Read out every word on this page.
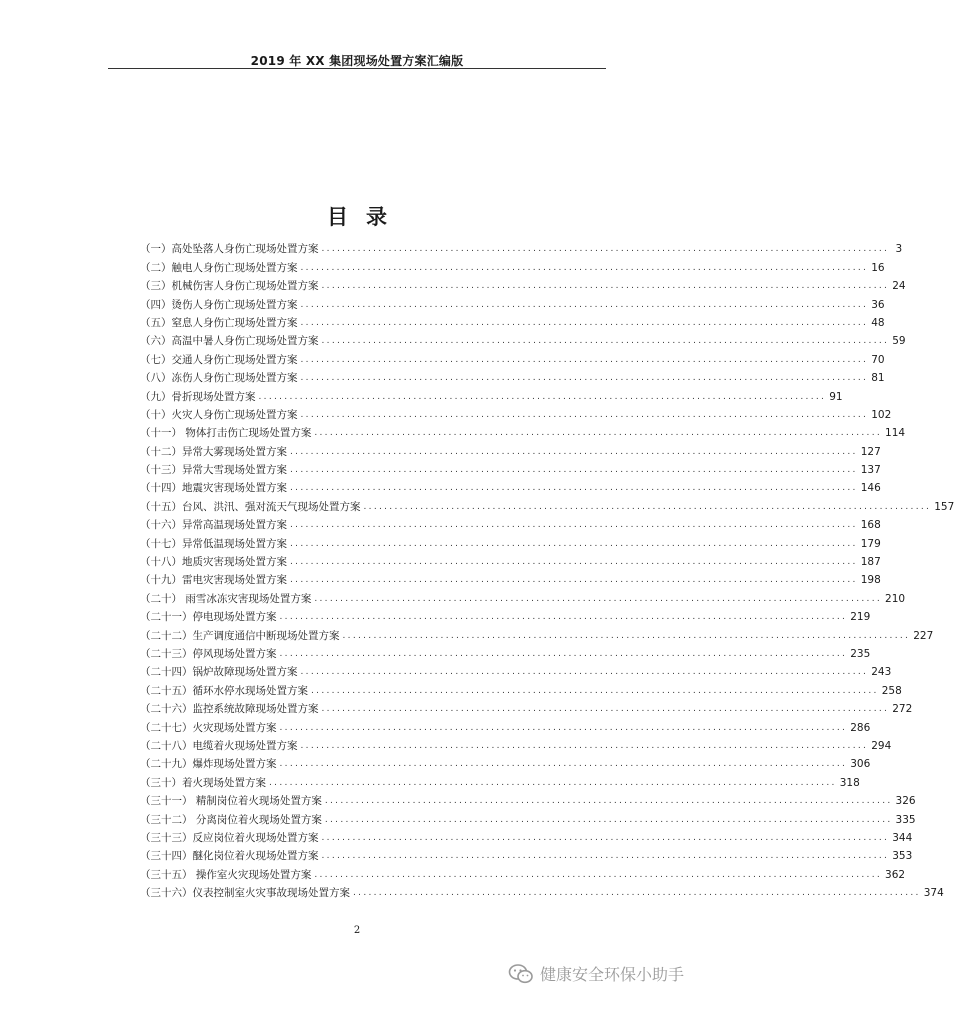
2019 年 XX 集团现场处置方案汇编版
目录
（一）高处坠落人身伤亡现场处置方案 .............................................................................................................. 3
（二）触电人身伤亡现场处置方案 .............................................................................................................. 16
（三）机械伤害人身伤亡现场处置方案 .............................................................................................................. 24
（四）烫伤人身伤亡现场处置方案 .............................................................................................................. 36
（五）窒息人身伤亡现场处置方案 .............................................................................................................. 48
（六）高温中暑人身伤亡现场处置方案 .............................................................................................................. 59
（七）交通人身伤亡现场处置方案 .............................................................................................................. 70
（八）冻伤人身伤亡现场处置方案 .............................................................................................................. 81
（九）骨折现场处置方案 .............................................................................................................. 91
（十）火灾人身伤亡现场处置方案 .............................................................................................................. 102
（十一） 物体打击伤亡现场处置方案 .............................................................................................................. 114
（十二）异常大雾现场处置方案 .............................................................................................................. 127
（十三）异常大雪现场处置方案 .............................................................................................................. 137
（十四）地震灾害现场处置方案 .............................................................................................................. 146
（十五）台风、洪汛、强对流天气现场处置方案 .............................................................................................................. 157
（十六）异常高温现场处置方案 .............................................................................................................. 168
（十七）异常低温现场处置方案 .............................................................................................................. 179
（十八）地质灾害现场处置方案 .............................................................................................................. 187
（十九）雷电灾害现场处置方案 .............................................................................................................. 198
（二十） 雨雪冰冻灾害现场处置方案 .............................................................................................................. 210
（二十一）停电现场处置方案 .............................................................................................................. 219
（二十二）生产调度通信中断现场处置方案 .............................................................................................................. 227
（二十三）停风现场处置方案 .............................................................................................................. 235
（二十四）锅炉故障现场处置方案 .............................................................................................................. 243
（二十五）循环水停水现场处置方案 .............................................................................................................. 258
（二十六）监控系统故障现场处置方案 .............................................................................................................. 272
（二十七）火灾现场处置方案 .............................................................................................................. 286
（二十八）电缆着火现场处置方案 .............................................................................................................. 294
（二十九）爆炸现场处置方案 .............................................................................................................. 306
（三十）着火现场处置方案 .............................................................................................................. 318
（三十一） 精制岗位着火现场处置方案 .............................................................................................................. 326
（三十二） 分离岗位着火现场处置方案 .............................................................................................................. 335
（三十三）反应岗位着火现场处置方案 .............................................................................................................. 344
（三十四）醚化岗位着火现场处置方案 .............................................................................................................. 353
（三十五） 操作室火灾现场处置方案 .............................................................................................................. 362
（三十六）仪表控制室火灾事故现场处置方案 .............................................................................................................. 374
2
健康安全环保小助手
